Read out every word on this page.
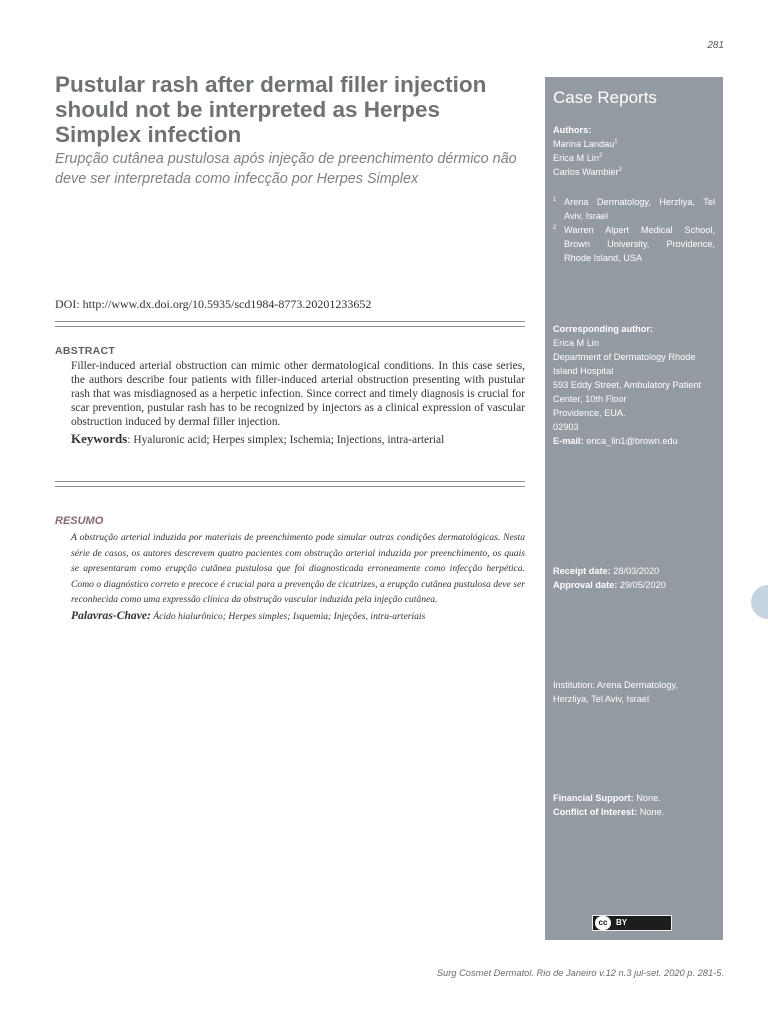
281
Pustular rash after dermal filler injection should not be interpreted as Herpes Simplex infection

Erupção cutânea pustulosa após injeção de preenchimento dérmico não deve ser interpretada como infecção por Herpes Simplex

DOI: http://www.dx.doi.org/10.5935/scd1984-8773.20201233652
ABSTRACT

Filler-induced arterial obstruction can mimic other dermatological conditions. In this case series, the authors describe four patients with filler-induced arterial obstruction presenting with pustular rash that was misdiagnosed as a herpetic infection. Since correct and timely diagnosis is crucial for scar prevention, pustular rash has to be recognized by injectors as a clinical expression of vascular obstruction induced by dermal filler injection.

Keywords: Hyaluronic acid; Herpes simplex; Ischemia; Injections, intra-arterial

RESUMO

A obstrução arterial induzida por materiais de preenchimento pode simular outras condições dermatológicas. Nesta série de casos, os autores descrevem quatro pacientes com obstrução arterial induzida por preenchimento, os quais se apresentaram como erupção cutânea pustulosa que foi diagnosticada erroneamente como infecção herpética. Como o diagnóstico correto e precoce é crucial para a prevenção de cicatrizes, a erupção cutânea pustulosa deve ser reconhecida como uma expressão clínica da obstrução vascular induzida pela injeção cutânea.

Palavras-Chave: Ácido hialurônico; Herpes simples; Isquemia; Injeções, intra-arteriais

Case Reports
Authors:
Marina Landau$^1$
Erica M Lin$^2$
Carlos Wambier$^2$
1 Arena Dermatology, Herzliya, Tel Aviv, Israel
2 Warren Alpert Medical School, Brown University, Providence, Rhode Island, USA
Corresponding author:
Erica M Lin
Department of Dermatology Rhode Island Hospital
593 Eddy Street, Ambulatory Patient Center, 10th Floor
Providence, EUA.
02903
E-mail: erica_lin1@brown.edu
Receipt date: 28/03/2020
Approval date: 29/05/2020
Institution: Arena Dermatology, Herzliya, Tel Aviv, Israel
Financial Support: None.
Conflict of Interest: None.
cc	BY
Surg Cosmet Dermatol. Rio de Janeiro v.12 n.3 jul-set. 2020 p. 281-5.
